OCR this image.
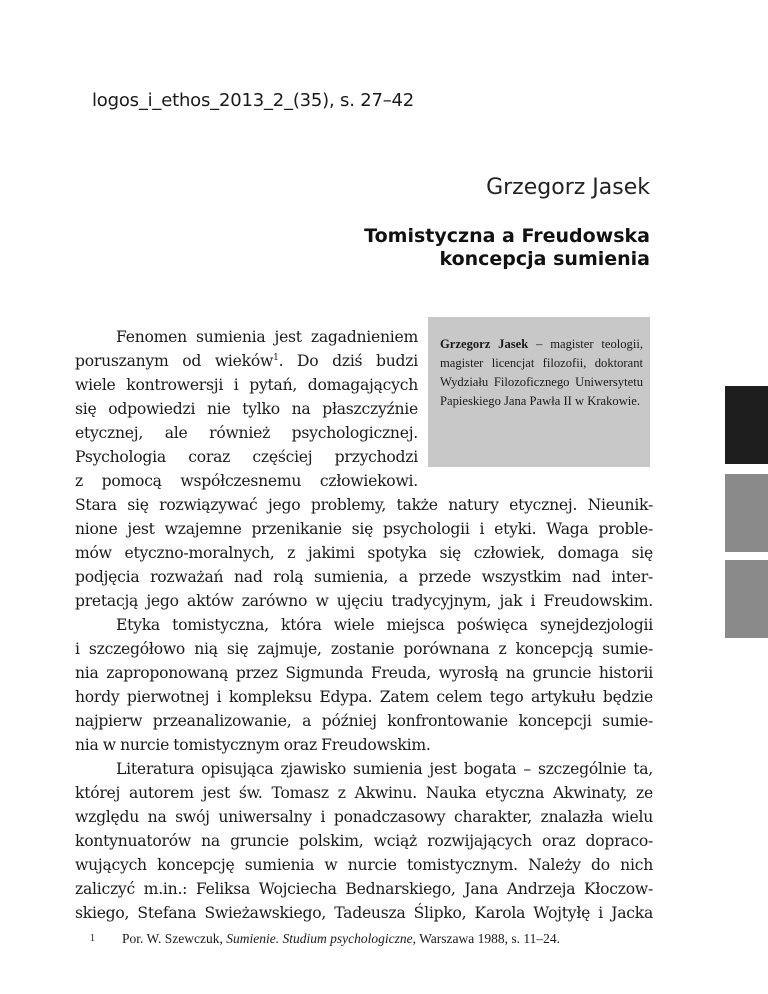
logos_i_ethos_2013_2_(35), s. 27–42
Grzegorz Jasek
Tomistyczna a Freudowska
koncepcja sumienia
Grzegorz Jasek – magister teologii, magister licencjat filozofii, doktorant Wydziału Filozoficznego Uniwersytetu Papieskiego Jana Pawła II w Krakowie.
Fenomen sumienia jest zagadnieniem
poruszanym od wieków$^1$. Do dziś budzi
wiele kontrowersji i pytań, domagających
się odpowiedzi nie tylko na płaszczyźnie
etycznej, ale również psychologicznej.
Psychologia coraz częściej przychodzi
z pomocą współczesnemu człowiekowi.
Stara się rozwiązywać jego problemy, także natury etycznej. Nieunik-
nione jest wzajemne przenikanie się psychologii i etyki. Waga proble-
mów etyczno-moralnych, z jakimi spotyka się człowiek, domaga się
podjęcia rozważań nad rolą sumienia, a przede wszystkim nad inter-
pretacją jego aktów zarówno w ujęciu tradycyjnym, jak i Freudowskim.
Etyka tomistyczna, która wiele miejsca poświęca synejdezjologii
i szczegółowo nią się zajmuje, zostanie porównana z koncepcją sumie-
nia zaproponowaną przez Sigmunda Freuda, wyrosłą na gruncie historii
hordy pierwotnej i kompleksu Edypa. Zatem celem tego artykułu będzie
najpierw przeanalizowanie, a później konfrontowanie koncepcji sumie-
nia w nurcie tomistycznym oraz Freudowskim.
Literatura opisująca zjawisko sumienia jest bogata – szczególnie ta,
której autorem jest św. Tomasz z Akwinu. Nauka etyczna Akwinaty, ze
względu na swój uniwersalny i ponadczasowy charakter, znalazła wielu
kontynuatorów na gruncie polskim, wciąż rozwijających oraz dopraco-
wujących koncepcję sumienia w nurcie tomistycznym. Należy do nich
zaliczyć m.in.: Feliksa Wojciecha Bednarskiego, Jana Andrzeja Kłoczow-
skiego, Stefana Swieżawskiego, Tadeusza Ślipko, Karola Wojtyłę i Jacka
1 Por. W. Szewczuk, Sumienie. Studium psychologiczne, Warszawa 1988, s. 11–24.
